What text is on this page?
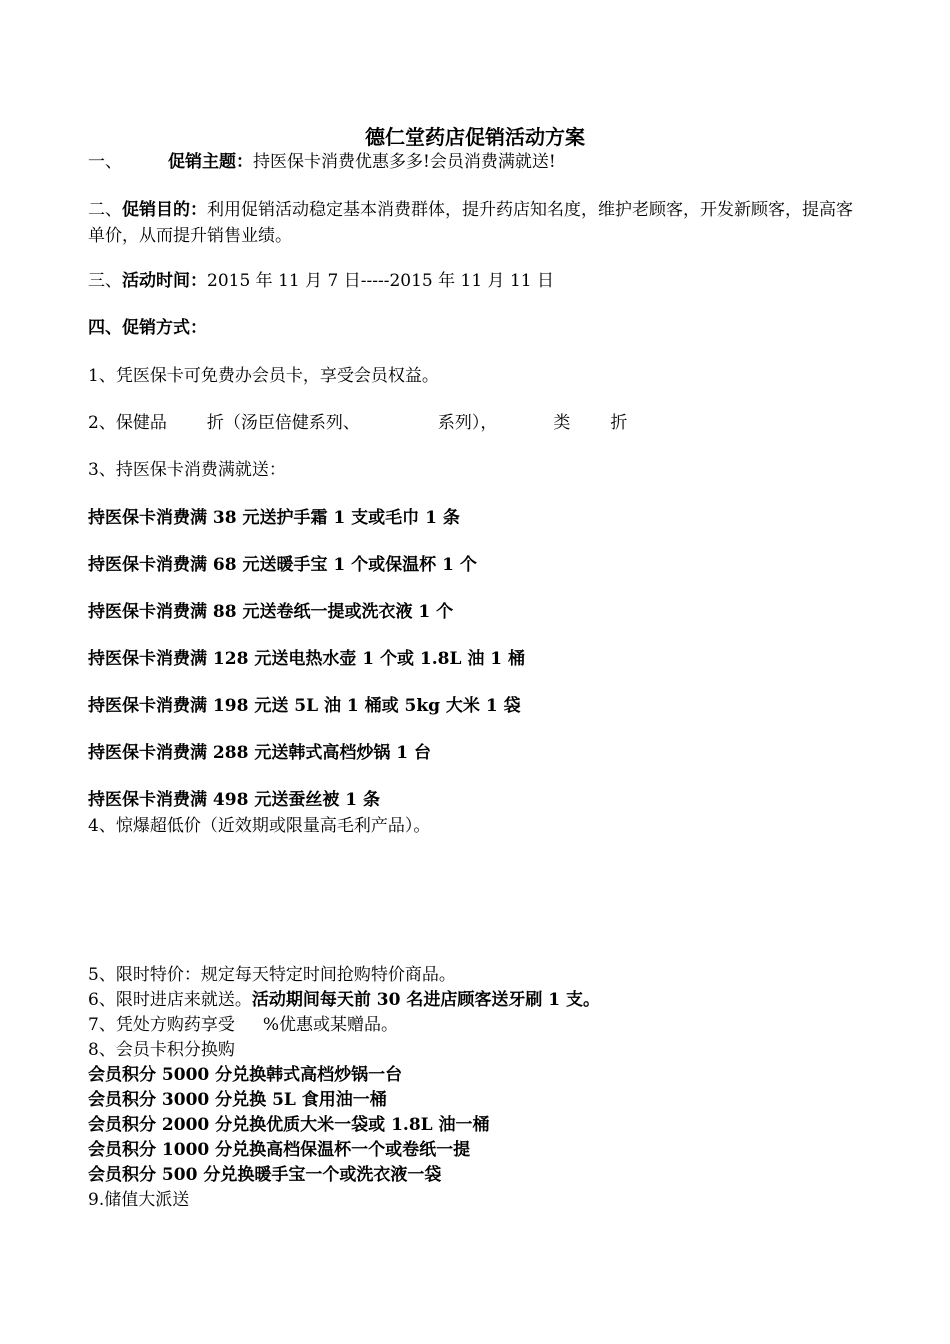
德仁堂药店促销活动方案
一、	促销主题：持医保卡消费优惠多多!会员消费满就送!
二、促销目的：利用促销活动稳定基本消费群体，提升药店知名度，维护老顾客，开发新顾客，提高客单价，从而提升销售业绩。
三、活动时间：2015 年 11 月 7 日-----2015 年 11 月 11 日
四、促销方式：
1、凭医保卡可免费办会员卡，享受会员权益。
2、保健品 折（汤臣倍健系列、	系列），	类 折
3、持医保卡消费满就送：
持医保卡消费满 38 元送护手霜 1 支或毛巾 1 条
持医保卡消费满 68 元送暖手宝 1 个或保温杯 1 个
持医保卡消费满 88 元送卷纸一提或洗衣液 1 个
持医保卡消费满 128 元送电热水壶 1 个或 1.8L 油 1 桶
持医保卡消费满 198 元送 5L 油 1 桶或 5kg 大米 1 袋
持医保卡消费满 288 元送韩式高档炒锅 1 台
持医保卡消费满 498 元送蚕丝被 1 条
4、惊爆超低价（近效期或限量高毛利产品）。
5、限时特价：规定每天特定时间抢购特价商品。
6、限时进店来就送。活动期间每天前 30 名进店顾客送牙刷 1 支。
7、凭处方购药享受 %优惠或某赠品。
8、会员卡积分换购
会员积分 5000 分兑换韩式高档炒锅一台
会员积分 3000 分兑换 5L 食用油一桶
会员积分 2000 分兑换优质大米一袋或 1.8L 油一桶
会员积分 1000 分兑换高档保温杯一个或卷纸一提
会员积分 500 分兑换暖手宝一个或洗衣液一袋
9.储值大派送
